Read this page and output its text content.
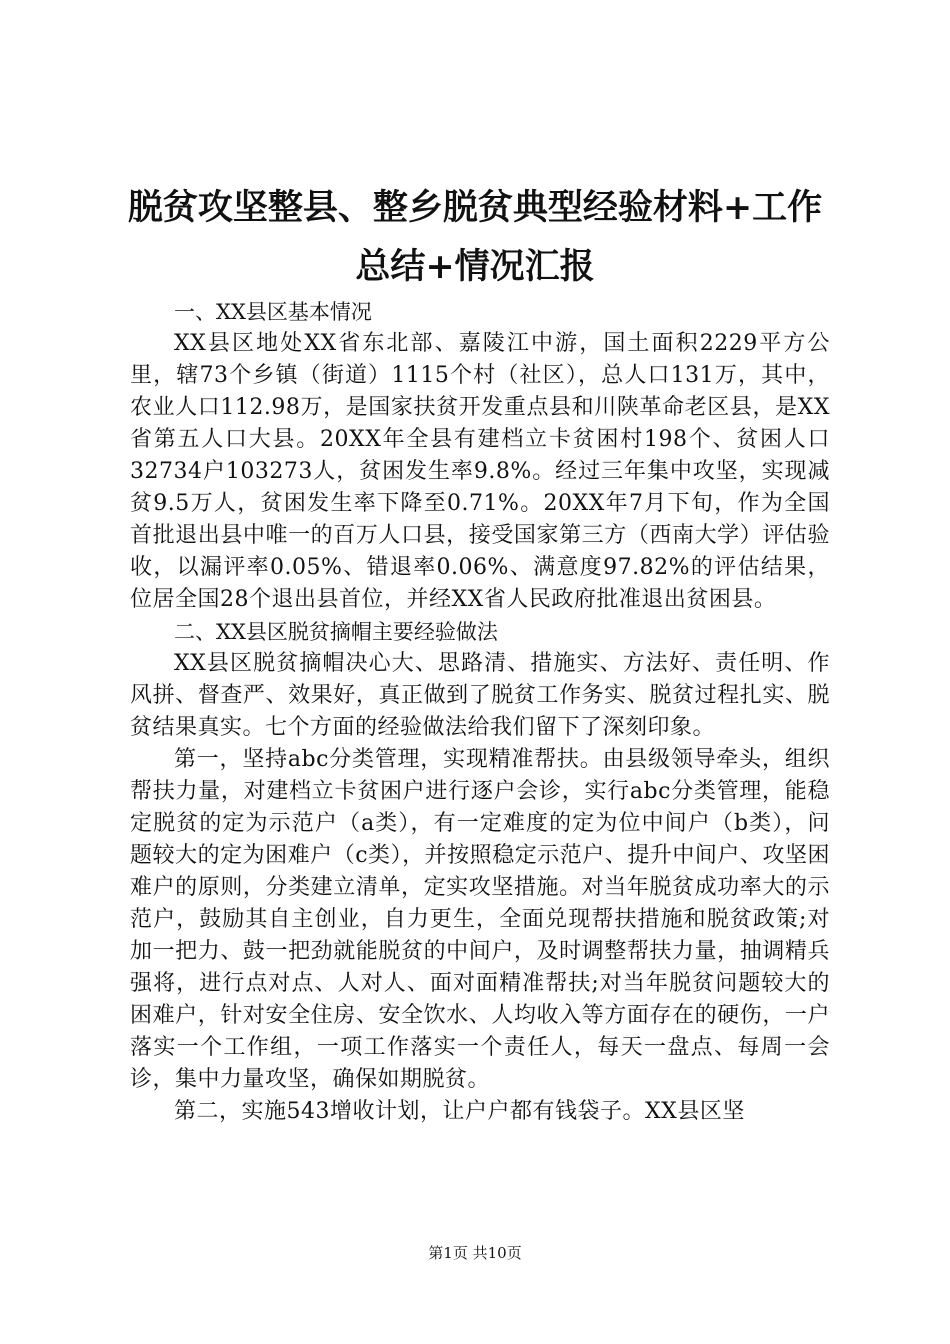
脱贫攻坚整县、整乡脱贫典型经验材料+工作
总结+情况汇报

一、XX县区基本情况

XX县区地处XX省东北部、嘉陵江中游，国土面积2229平方公里，辖73个乡镇（街道）1115个村（社区），总人口131万，其中，农业人口112.98万，是国家扶贫开发重点县和川陕革命老区县，是XX省第五人口大县。20XX年全县有建档立卡贫困村198个、贫困人口32734户103273人，贫困发生率9.8%。经过三年集中攻坚，实现减贫9.5万人，贫困发生率下降至0.71%。20XX年7月下旬，作为全国首批退出县中唯一的百万人口县，接受国家第三方（西南大学）评估验收，以漏评率0.05%、错退率0.06%、满意度97.82%的评估结果，位居全国28个退出县首位，并经XX省人民政府批准退出贫困县。

二、XX县区脱贫摘帽主要经验做法

XX县区脱贫摘帽决心大、思路清、措施实、方法好、责任明、作风拼、督查严、效果好，真正做到了脱贫工作务实、脱贫过程扎实、脱贫结果真实。七个方面的经验做法给我们留下了深刻印象。

第一，坚持abc分类管理，实现精准帮扶。由县级领导牵头，组织帮扶力量，对建档立卡贫困户进行逐户会诊，实行abc分类管理，能稳定脱贫的定为示范户（a类），有一定难度的定为位中间户（b类），问题较大的定为困难户（c类），并按照稳定示范户、提升中间户、攻坚困难户的原则，分类建立清单，定实攻坚措施。对当年脱贫成功率大的示范户，鼓励其自主创业，自力更生，全面兑现帮扶措施和脱贫政策;对加一把力、鼓一把劲就能脱贫的中间户，及时调整帮扶力量，抽调精兵强将，进行点对点、人对人、面对面精准帮扶;对当年脱贫问题较大的困难户，针对安全住房、安全饮水、人均收入等方面存在的硬伤，一户落实一个工作组，一项工作落实一个责任人，每天一盘点、每周一会诊，集中力量攻坚，确保如期脱贫。

第二，实施543增收计划，让户户都有钱袋子。XX县区坚

第1页 共10页
